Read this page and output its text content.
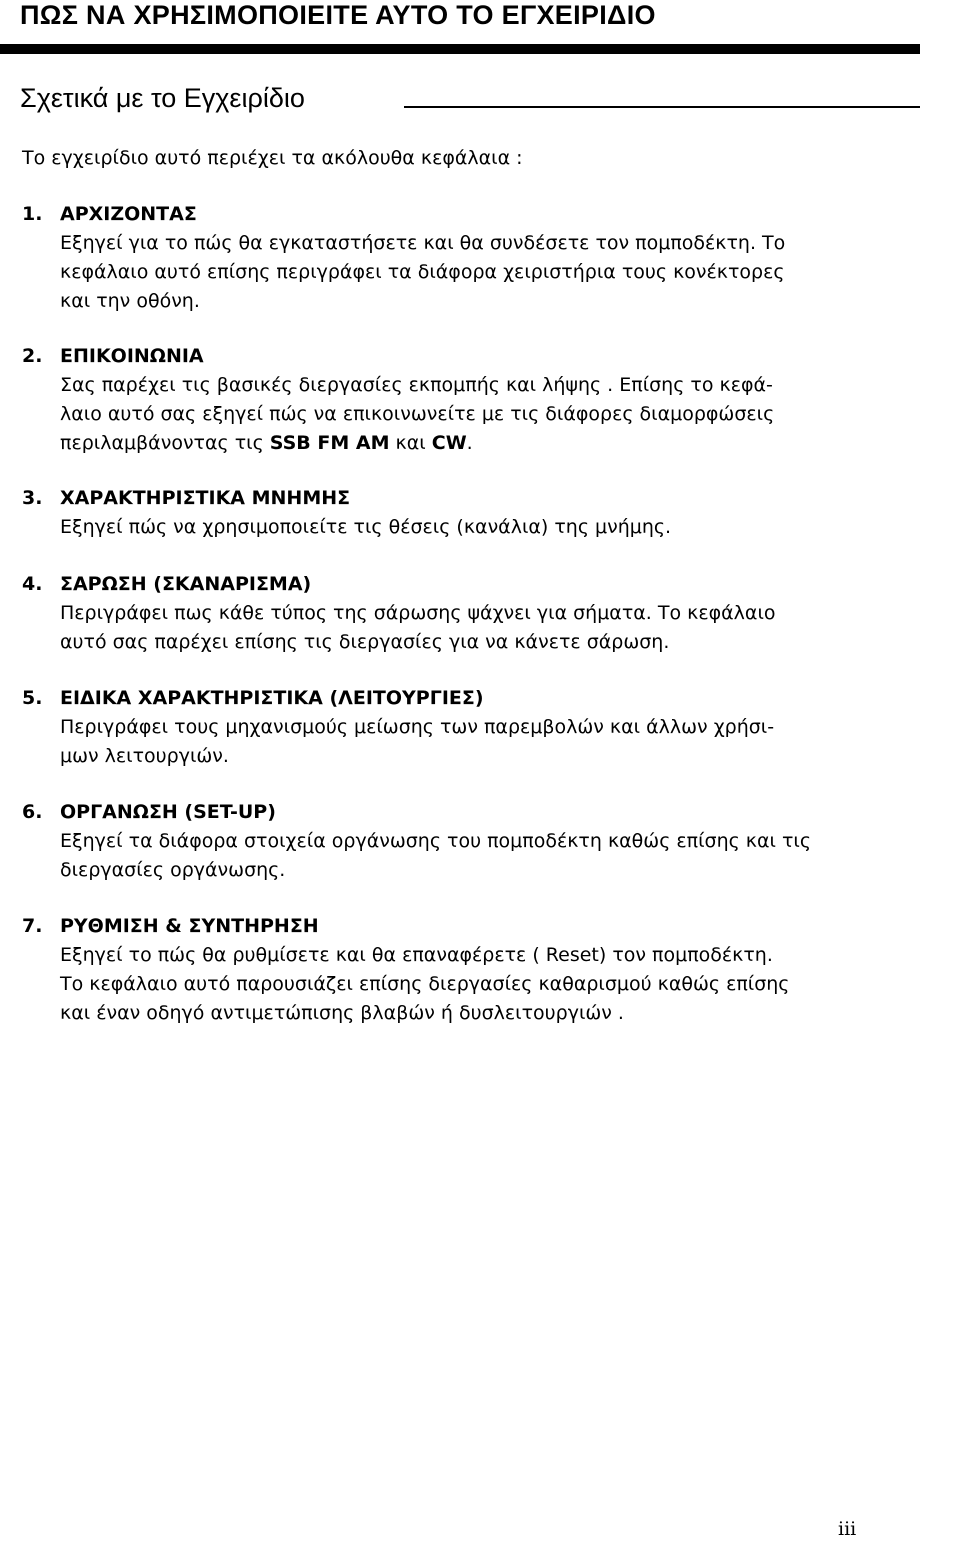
ΠΩΣ ΝΑ ΧΡΗΣΙΜΟΠΟΙΕΙΤΕ ΑΥΤΟ ΤΟ ΕΓΧΕΙΡΙΔΙΟ
Σχετικά με το Εγχειρίδιο
Το εγχειρίδιο αυτό περιέχει τα ακόλουθα κεφάλαια :
1. ΑΡΧΙΖΟΝΤΑΣ
Εξηγεί για το πώς θα εγκαταστήσετε και θα συνδέσετε τον πομποδέκτη. Το
κεφάλαιο αυτό επίσης περιγράφει τα διάφορα χειριστήρια τους κονέκτορες
και την οθόνη.
2. ΕΠΙΚΟΙΝΩΝΙΑ
Σας παρέχει τις βασικές διεργασίες εκπομπής και λήψης . Επίσης το κεφά-
λαιο αυτό σας εξηγεί πώς να επικοινωνείτε με τις διάφορες διαμορφώσεις
περιλαμβάνοντας τις SSB FM AM και CW.
3. ΧΑΡΑΚΤΗΡΙΣΤΙΚΑ ΜΝΗΜΗΣ
Εξηγεί πώς να χρησιμοποιείτε τις θέσεις (κανάλια) της μνήμης.
4. ΣΑΡΩΣΗ (ΣΚΑΝΑΡΙΣΜΑ)
Περιγράφει πως κάθε τύπος της σάρωσης ψάχνει για σήματα. Το κεφάλαιο
αυτό σας παρέχει επίσης τις διεργασίες για να κάνετε σάρωση.
5. ΕΙΔΙΚΑ ΧΑΡΑΚΤΗΡΙΣΤΙΚΑ (ΛΕΙΤΟΥΡΓΙΕΣ)
Περιγράφει τους μηχανισμούς μείωσης των παρεμβολών και άλλων χρήσι-
μων λειτουργιών.
6. ΟΡΓΑΝΩΣΗ (SET-UP)
Εξηγεί τα διάφορα στοιχεία οργάνωσης του πομποδέκτη καθώς επίσης και τις
διεργασίες οργάνωσης.
7. ΡΥΘΜΙΣΗ & ΣΥΝΤΗΡΗΣΗ
Εξηγεί το πώς θα ρυθμίσετε και θα επαναφέρετε ( Reset) τον πομποδέκτη.
Το κεφάλαιο αυτό παρουσιάζει επίσης διεργασίες καθαρισμού καθώς επίσης
και έναν οδηγό αντιμετώπισης βλαβών ή δυσλειτουργιών .
iii
